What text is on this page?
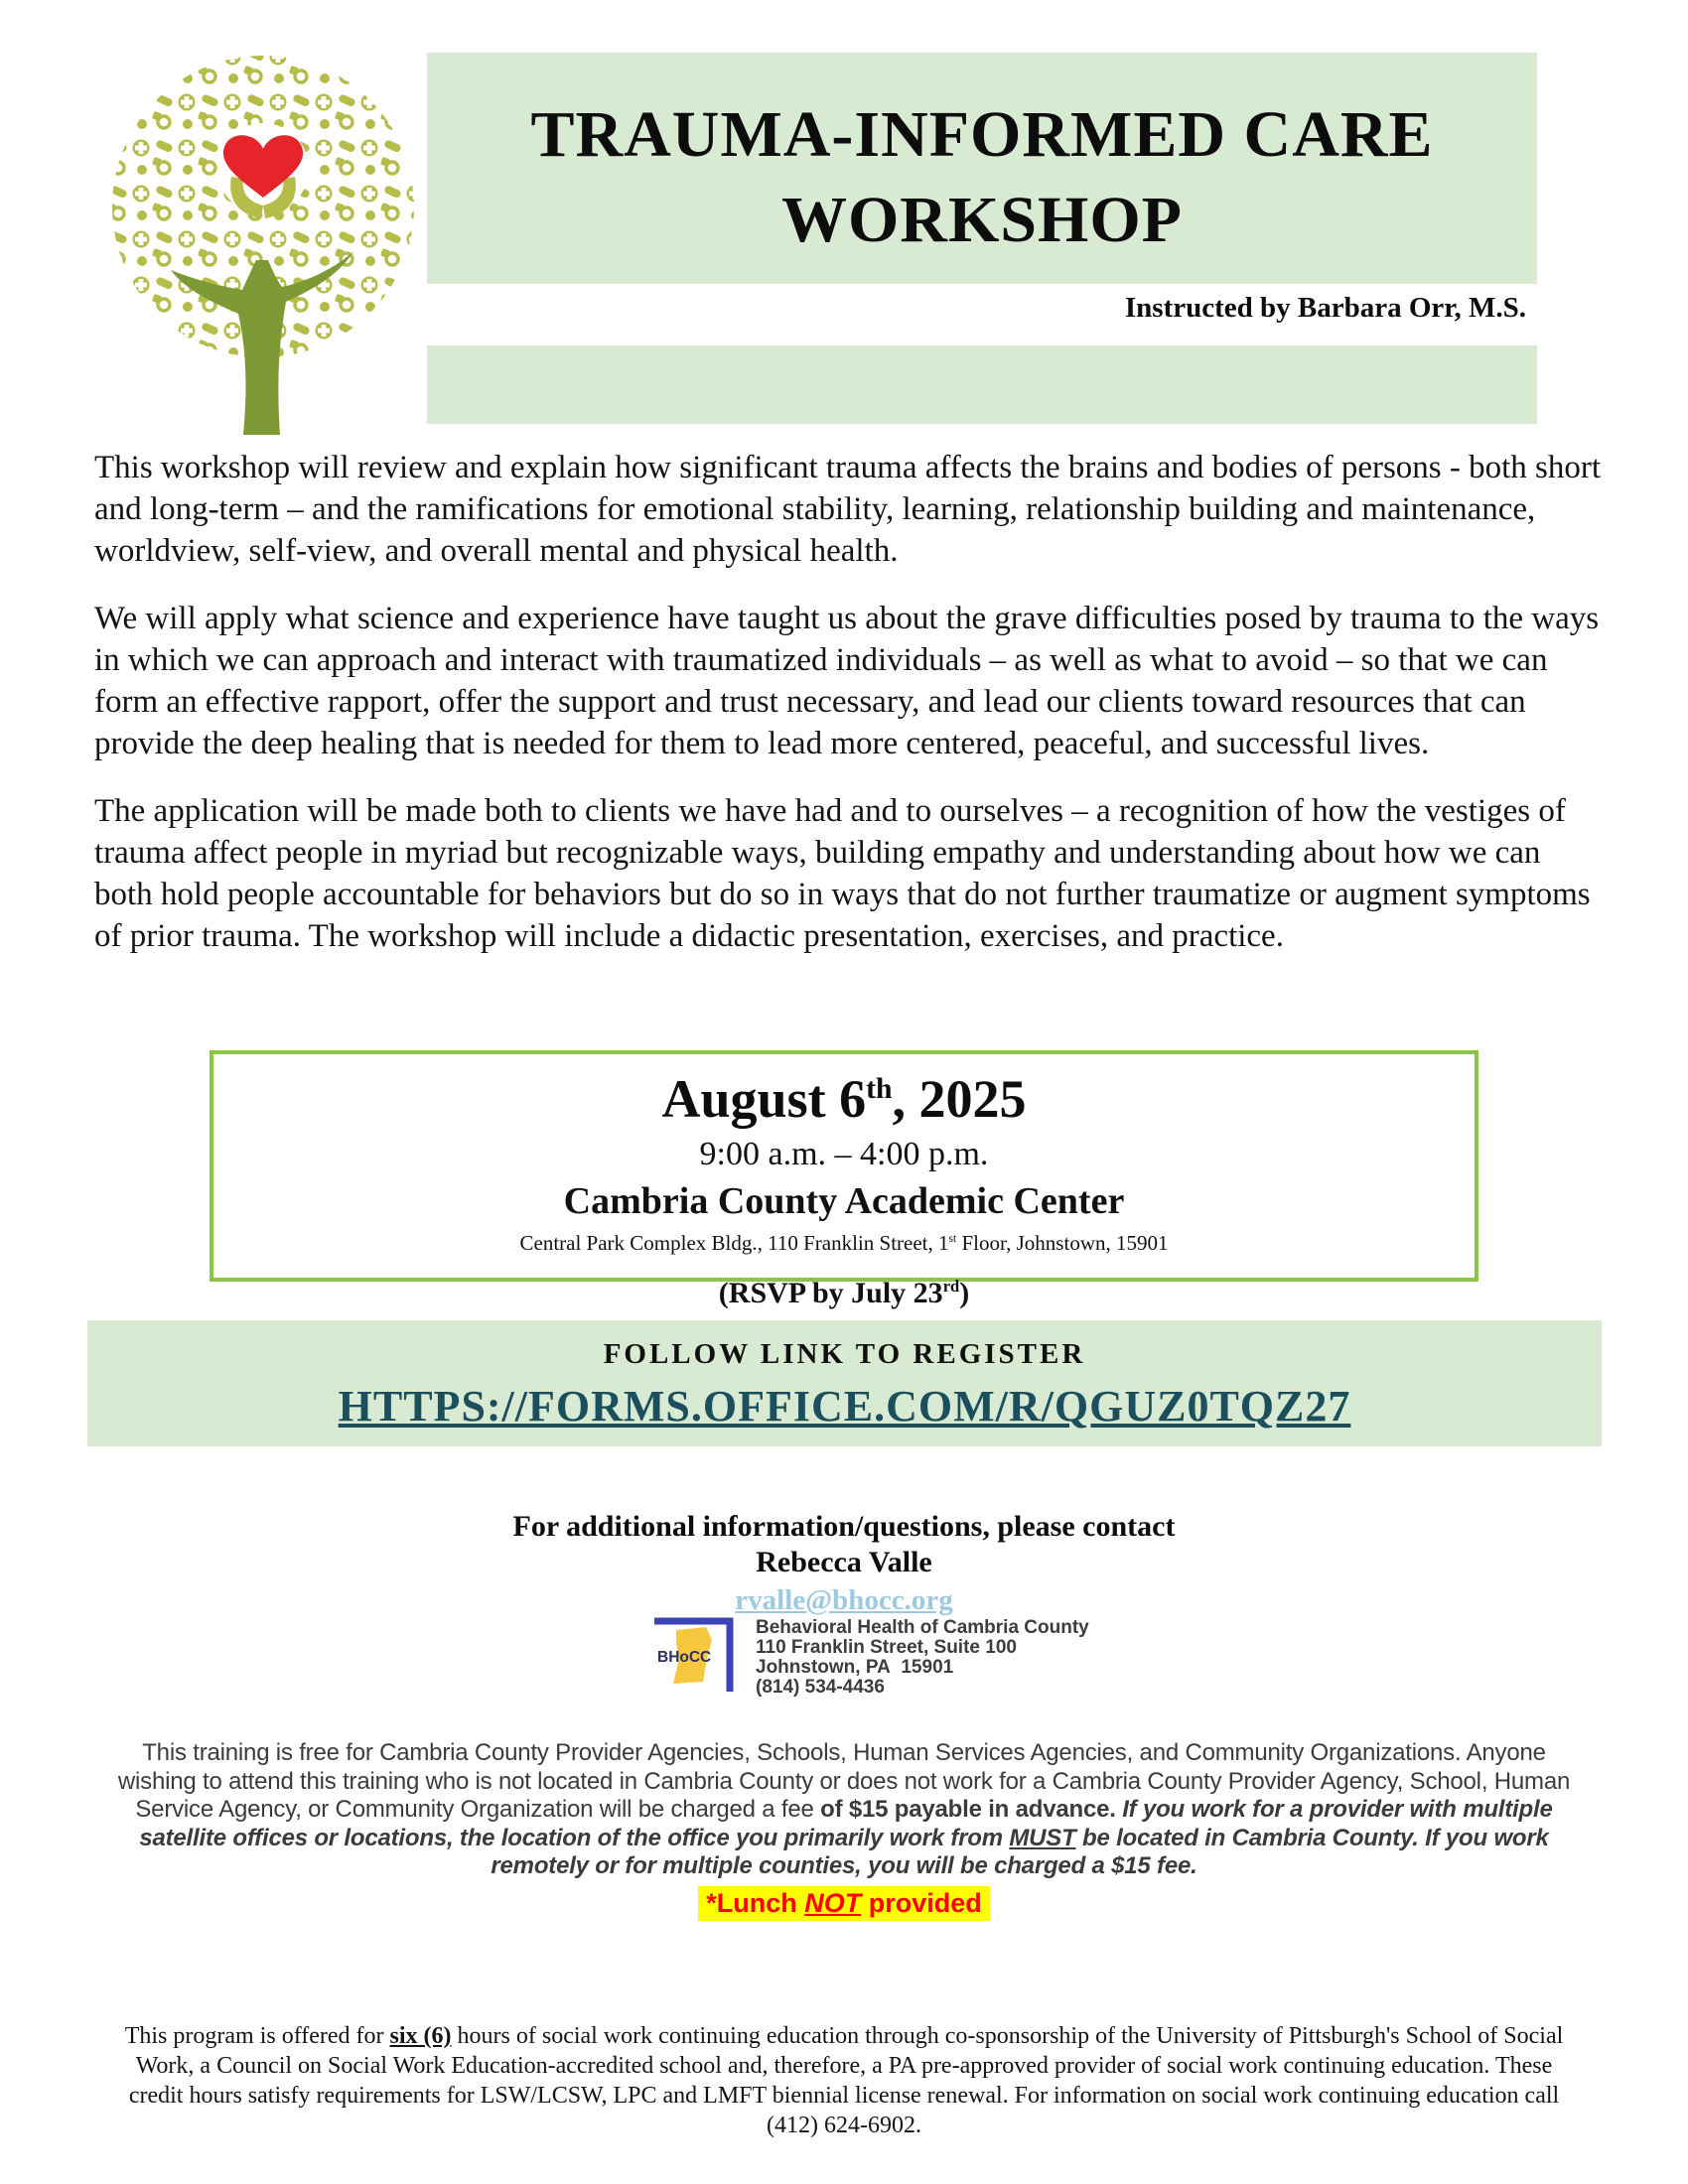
TRAUMA-INFORMED CARE
WORKSHOP
Instructed by Barbara Orr, M.S.

This workshop will review and explain how significant trauma affects the brains and bodies of persons - both short and long-term – and the ramifications for emotional stability, learning, relationship building and maintenance, worldview, self-view, and overall mental and physical health.

We will apply what science and experience have taught us about the grave difficulties posed by trauma to the ways in which we can approach and interact with traumatized individuals – as well as what to avoid – so that we can form an effective rapport, offer the support and trust necessary, and lead our clients toward resources that can provide the deep healing that is needed for them to lead more centered, peaceful, and successful lives.

The application will be made both to clients we have had and to ourselves – a recognition of how the vestiges of trauma affect people in myriad but recognizable ways, building empathy and understanding about how we can both hold people accountable for behaviors but do so in ways that do not further traumatize or augment symptoms of prior trauma. The workshop will include a didactic presentation, exercises, and practice.

August 6th, 2025
9:00 a.m. – 4:00 p.m.
Cambria County Academic Center
Central Park Complex Bldg., 110 Franklin Street, 1st Floor, Johnstown, 15901
(RSVP by July 23rd)
FOLLOW LINK TO REGISTER
HTTPS://FORMS.OFFICE.COM/R/QGUZ0TQZ27
For additional information/questions, please contact
Rebecca Valle
rvalle@bhocc.org
BHoCC
Behavioral Health of Cambria County
110 Franklin Street, Suite 100
Johnstown, PA  15901
(814) 534-4436
This training is free for Cambria County Provider Agencies, Schools, Human Services Agencies, and Community Organizations. Anyone wishing to attend this training who is not located in Cambria County or does not work for a Cambria County Provider Agency, School, Human Service Agency, or Community Organization will be charged a fee of $15 payable in advance. If you work for a provider with multiple satellite offices or locations, the location of the office you primarily work from MUST be located in Cambria County. If you work remotely or for multiple counties, you will be charged a $15 fee.
*Lunch NOT provided
This program is offered for six (6) hours of social work continuing education through co-sponsorship of the University of Pittsburgh's School of Social Work, a Council on Social Work Education-accredited school and, therefore, a PA pre-approved provider of social work continuing education. These credit hours satisfy requirements for LSW/LCSW, LPC and LMFT biennial license renewal. For information on social work continuing education call (412) 624-6902.
